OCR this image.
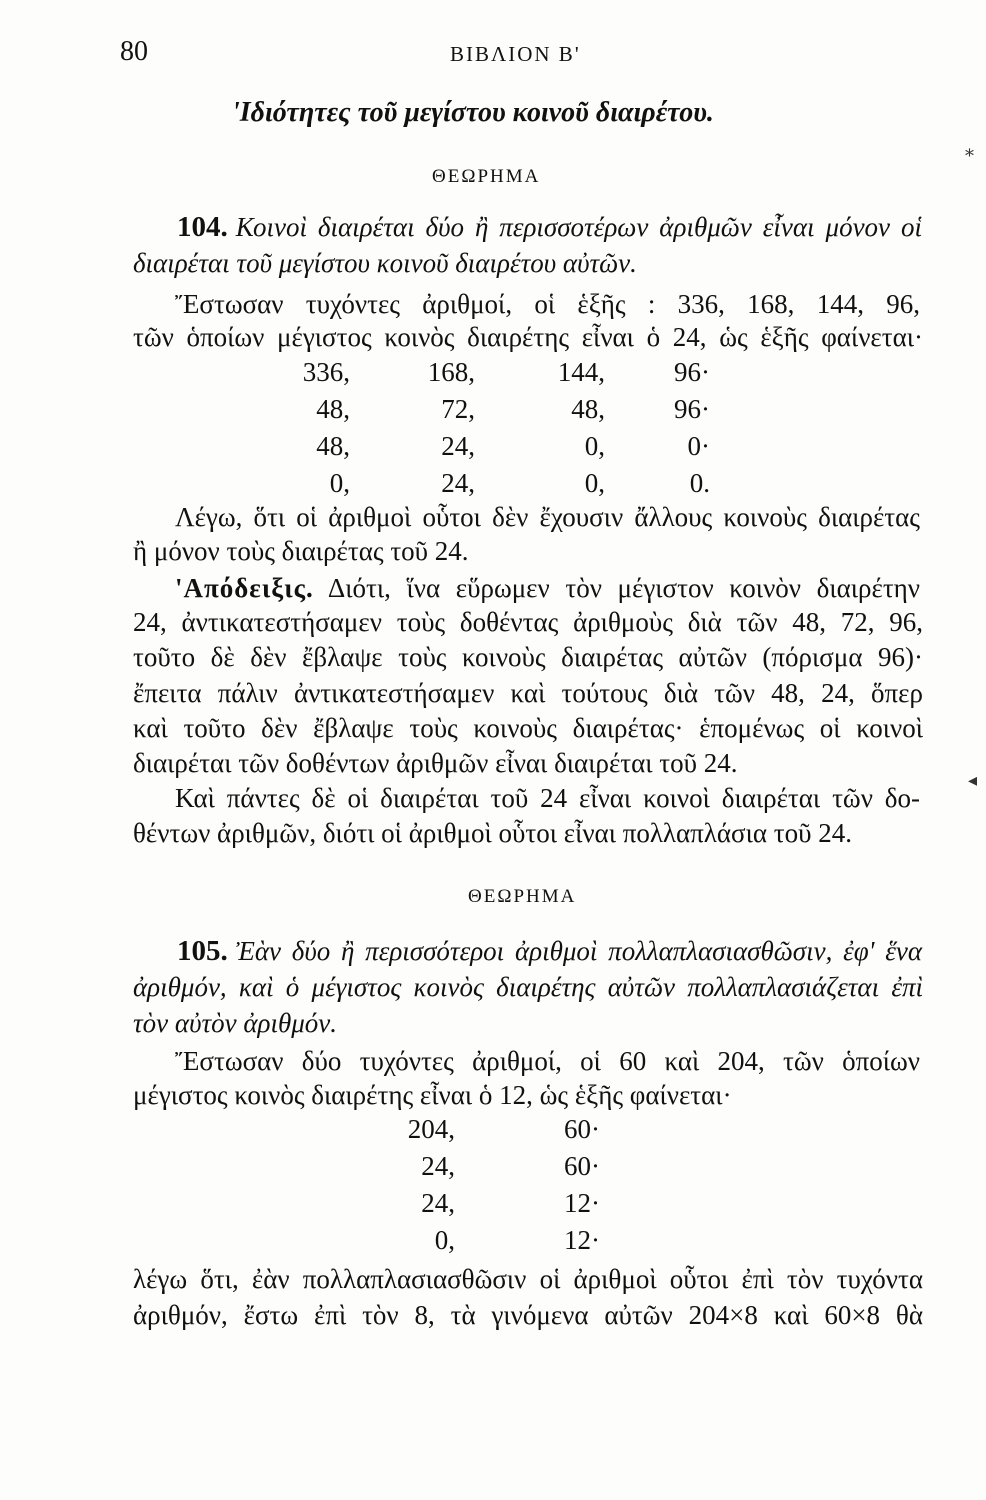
80	ΒΙΒΛΙΟΝ Β'
'Ιδιότητες τοῦ μεγίστου κοινοῦ διαιρέτου.
ΘΕΩΡΗΜΑ
104. Κοινοὶ διαιρέται δύο ἢ περισσοτέρων ἀριθμῶν εἶναι μόνον οἱ
διαιρέται τοῦ μεγίστου κοινοῦ διαιρέτου αὐτῶν.
Ἔστωσαν τυχόντες ἀριθμοί, οἱ ἑξῆς : 336, 168, 144, 96,
τῶν ὁποίων μέγιστος κοινὸς διαιρέτης εἶναι ὁ 24, ὡς ἑξῆς φαίνεται·
336,	168,	144,	96·
48,	72,	48,	96·
48,	24,	0,	0·
0,	24,	0,	0.
Λέγω, ὅτι οἱ ἀριθμοὶ οὗτοι δὲν ἔχουσιν ἄλλους κοινοὺς διαιρέτας
ἢ μόνον τοὺς διαιρέτας τοῦ 24.
'Απόδειξις. Διότι, ἵνα εὕρωμεν τὸν μέγιστον κοινὸν διαιρέτην
24, ἀντικατεστήσαμεν τοὺς δοθέντας ἀριθμοὺς διὰ τῶν 48, 72, 96,
τοῦτο δὲ δὲν ἔβλαψε τοὺς κοινοὺς διαιρέτας αὐτῶν (πόρισμα 96)·
ἔπειτα πάλιν ἀντικατεστήσαμεν καὶ τούτους διὰ τῶν 48, 24, ὅπερ
καὶ τοῦτο δὲν ἔβλαψε τοὺς κοινοὺς διαιρέτας· ἑπομένως οἱ κοινοὶ
διαιρέται τῶν δοθέντων ἀριθμῶν εἶναι διαιρέται τοῦ 24.
Καὶ πάντες δὲ οἱ διαιρέται τοῦ 24 εἶναι κοινοὶ διαιρέται τῶν δο-
θέντων ἀριθμῶν, διότι οἱ ἀριθμοὶ οὗτοι εἶναι πολλαπλάσια τοῦ 24.
ΘΕΩΡΗΜΑ
105. Ἐὰν δύο ἢ περισσότεροι ἀριθμοὶ πολλαπλασιασθῶσιν, ἐφ' ἕνα
ἀριθμόν, καὶ ὁ μέγιστος κοινὸς διαιρέτης αὐτῶν πολλαπλασιάζεται ἐπὶ
τὸν αὐτὸν ἀριθμόν.
Ἔστωσαν δύο τυχόντες ἀριθμοί, οἱ 60 καὶ 204, τῶν ὁποίων
μέγιστος κοινὸς διαιρέτης εἶναι ὁ 12, ὡς ἑξῆς φαίνεται·
204,	60·
24,	60·
24,	12·
0,	12·
λέγω ὅτι, ἐὰν πολλαπλασιασθῶσιν οἱ ἀριθμοὶ οὗτοι ἐπὶ τὸν τυχόντα
ἀριθμόν, ἔστω ἐπὶ τὸν 8, τὰ γινόμενα αὐτῶν 204×8 καὶ 60×8 θὰ
⁎
◂
